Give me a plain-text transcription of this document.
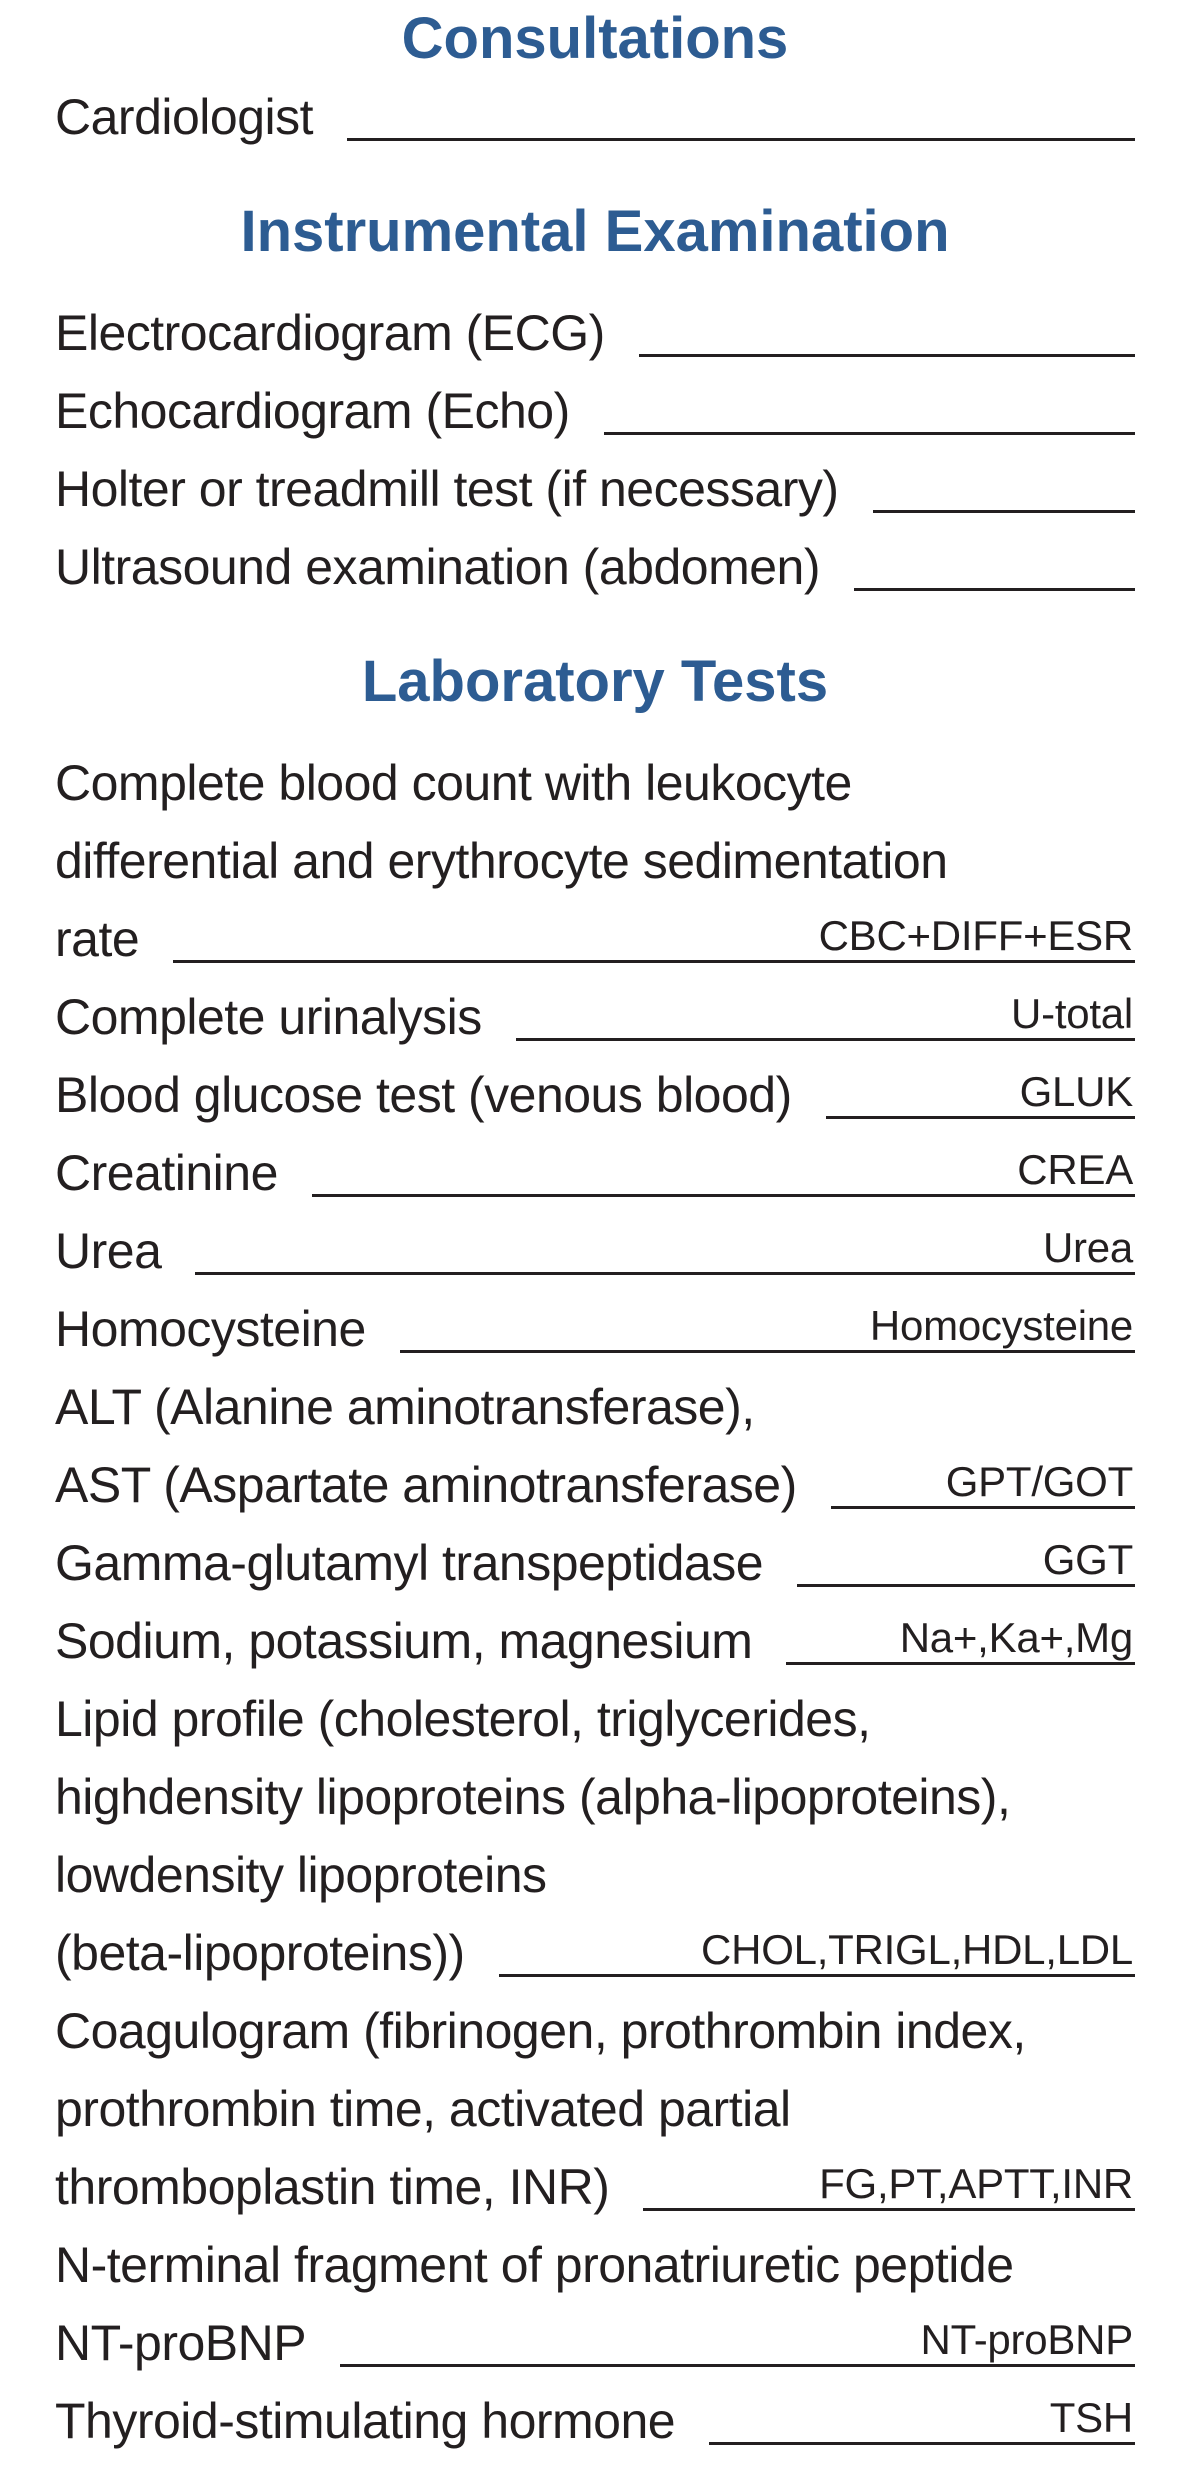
Consultations
Cardiologist
Instrumental Examination
Electrocardiogram (ECG)
Echocardiogram (Echo)
Holter or treadmill test (if necessary)
Ultrasound examination (abdomen)
Laboratory Tests
Complete blood count with leukocyte
differential and erythrocyte sedimentation
rate	CBC+DIFF+ESR
Complete urinalysis	U-total
Blood glucose test (venous blood)	GLUK
Creatinine	CREA
Urea	Urea
Homocysteine	Homocysteine
ALT (Alanine aminotransferase),
AST (Aspartate aminotransferase)	GPT/GOT
Gamma-glutamyl transpeptidase	GGT
Sodium, potassium, magnesium	Na+,Ka+,Mg
Lipid profile (cholesterol, triglycerides,
highdensity lipoproteins (alpha-lipoproteins),
lowdensity lipoproteins
(beta-lipoproteins))	CHOL,TRIGL,HDL,LDL
Coagulogram (fibrinogen, prothrombin index,
prothrombin time, activated partial
thromboplastin time, INR)	FG,PT,APTT,INR
N-terminal fragment of pronatriuretic peptide
NT-proBNP	NT-proBNP
Thyroid-stimulating hormone	TSH
